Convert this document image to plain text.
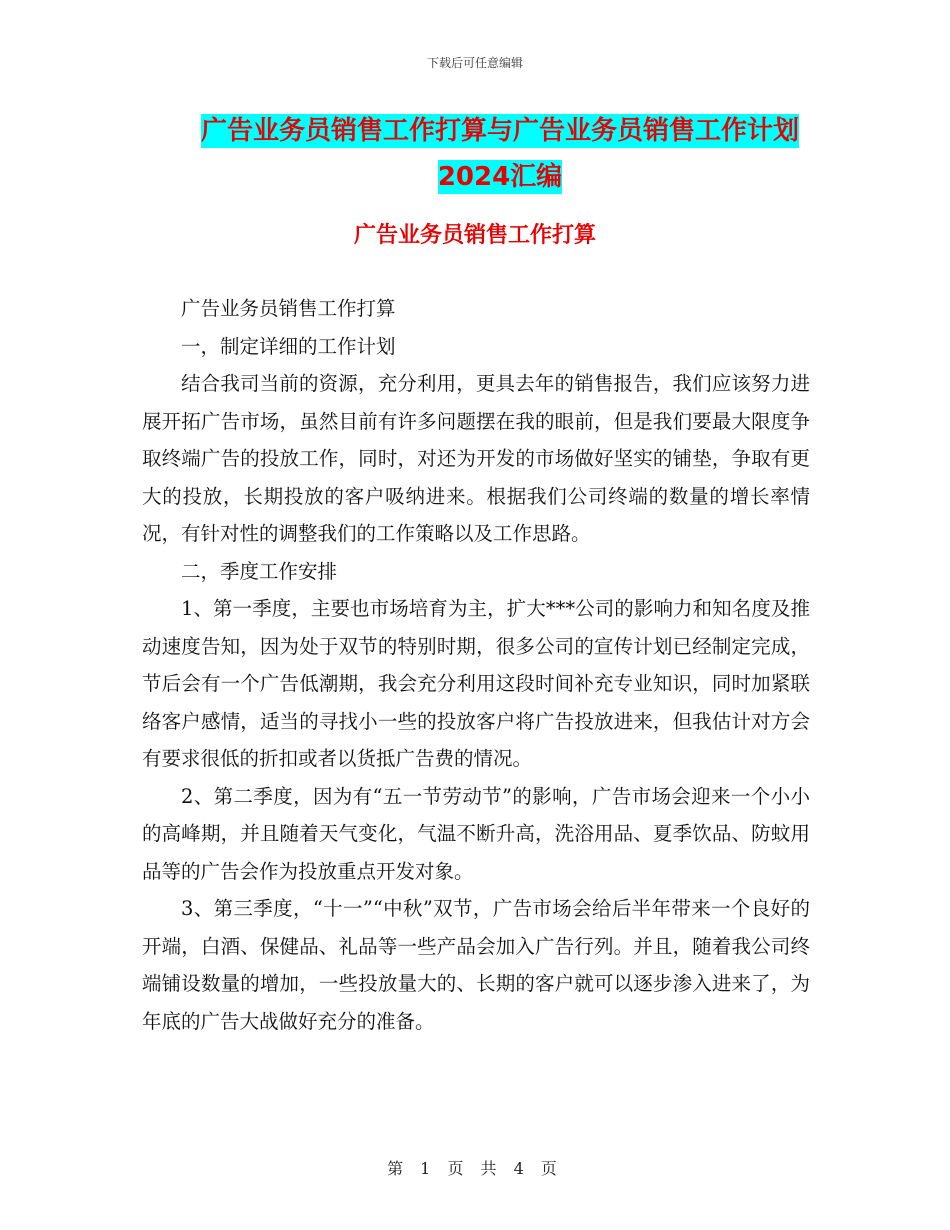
下载后可任意编辑
广告业务员销售工作打算与广告业务员销售工作计划
2024汇编
广告业务员销售工作打算

广告业务员销售工作打算

一，制定详细的工作计划

结合我司当前的资源，充分利用，更具去年的销售报告，我们应该努力进展开拓广告市场，虽然目前有许多问题摆在我的眼前，但是我们要最大限度争取终端广告的投放工作，同时，对还为开发的市场做好坚实的铺垫，争取有更大的投放，长期投放的客户吸纳进来。根据我们公司终端的数量的增长率情况，有针对性的调整我们的工作策略以及工作思路。

二，季度工作安排

1、第一季度，主要也市场培育为主，扩大***公司的影响力和知名度及推动速度告知，因为处于双节的特别时期，很多公司的宣传计划已经制定完成，节后会有一个广告低潮期，我会充分利用这段时间补充专业知识，同时加紧联络客户感情，适当的寻找小一些的投放客户将广告投放进来，但我估计对方会有要求很低的折扣或者以货抵广告费的情况。

2、第二季度，因为有“五一节劳动节”的影响，广告市场会迎来一个小小的高峰期，并且随着天气变化，气温不断升高，洗浴用品、夏季饮品、防蚊用品等的广告会作为投放重点开发对象。

3、第三季度，“十一”“中秋”双节，广告市场会给后半年带来一个良好的开端，白酒、保健品、礼品等一些产品会加入广告行列。并且，随着我公司终端铺设数量的增加，一些投放量大的、长期的客户就可以逐步渗入进来了，为年底的广告大战做好充分的准备。

第 1 页 共 4 页
